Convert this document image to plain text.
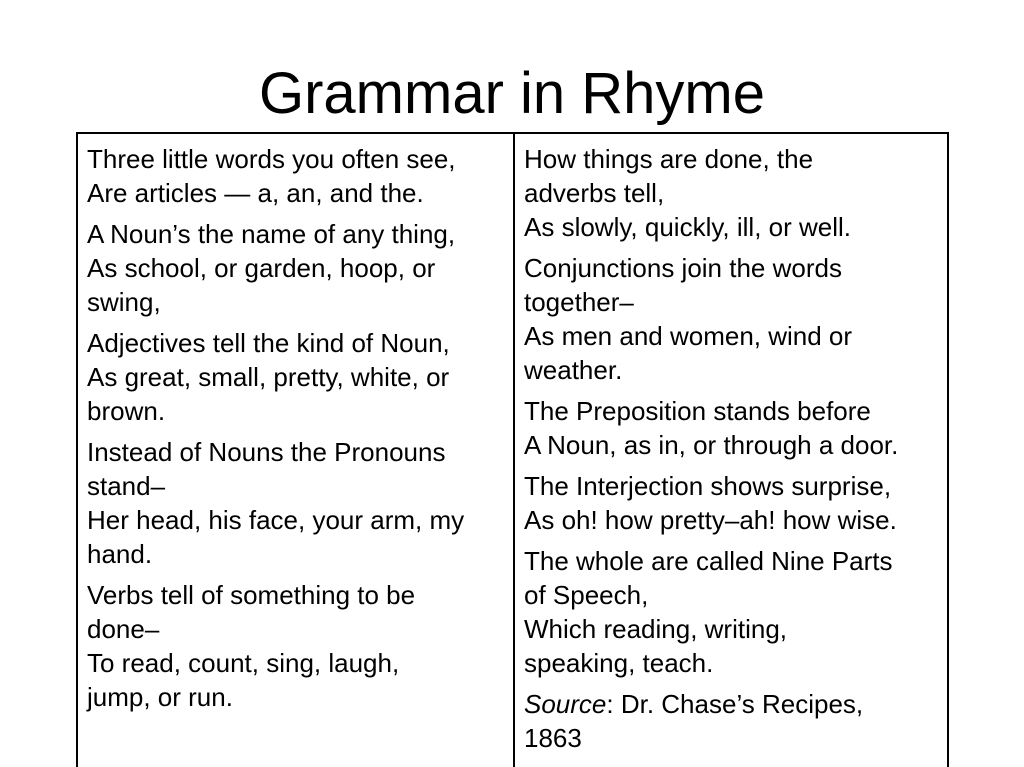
Grammar in Rhyme
Three little words you often see,
Are articles — a, an, and the.
A Noun’s the name of any thing,
As school, or garden, hoop, or
swing,
Adjectives tell the kind of Noun,
As great, small, pretty, white, or
brown.
Instead of Nouns the Pronouns
stand–
Her head, his face, your arm, my
hand.
Verbs tell of something to be
done–
To read, count, sing, laugh,
jump, or run.
How things are done, the
adverbs tell,
As slowly, quickly, ill, or well.
Conjunctions join the words
together–
As men and women, wind or
weather.
The Preposition stands before
A Noun, as in, or through a door.
The Interjection shows surprise,
As oh! how pretty–ah! how wise.
The whole are called Nine Parts
of Speech,
Which reading, writing,
speaking, teach.
Source: Dr. Chase’s Recipes,
1863
